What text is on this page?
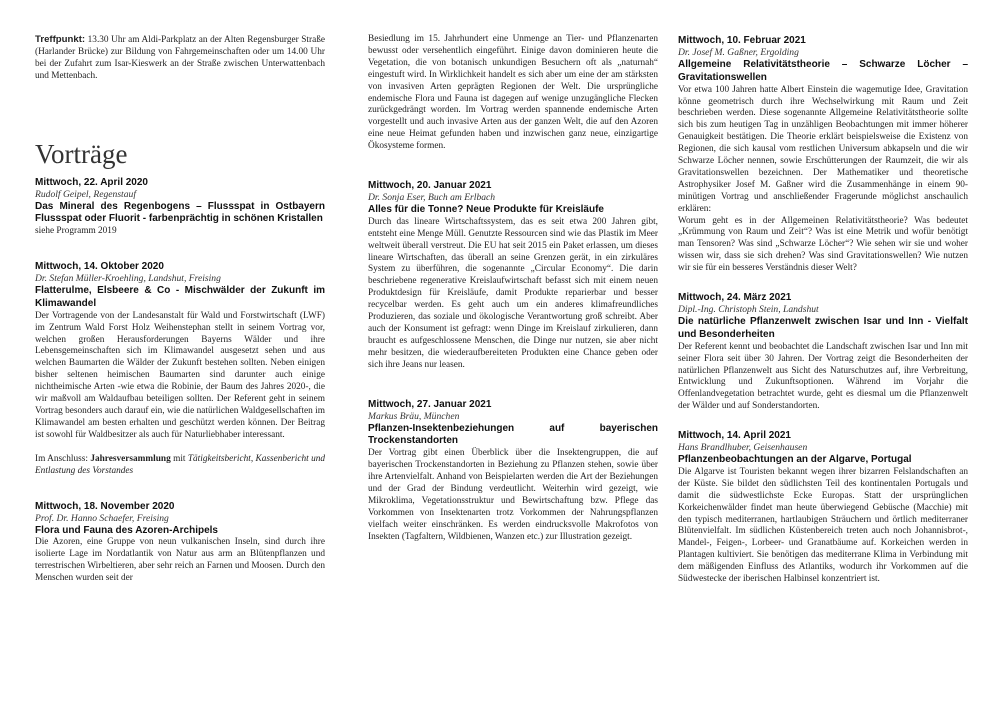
Treffpunkt: 13.30 Uhr am Aldi-Parkplatz an der Alten Regensburger Straße (Harlander Brücke) zur Bildung von Fahrgemeinschaften oder um 14.00 Uhr bei der Zufahrt zum Isar-Kieswerk an der Straße zwischen Unterwattenbach und Mettenbach.

Vorträge

Mittwoch, 22. April 2020

Rudolf Geipel, Regenstauf

Das Mineral des Regenbogens – Flussspat in Ostbayern Flussspat oder Fluorit - farbenprächtig in schönen Kristallen

siehe Programm 2019

Mittwoch, 14. Oktober 2020

Dr. Stefan Müller-Kroehling, Landshut, Freising

Flatterulme, Elsbeere & Co - Mischwälder der Zukunft im Klimawandel

Der Vortragende von der Landesanstalt für Wald und Forstwirtschaft (LWF) im Zentrum Wald Forst Holz Weihenstephan stellt in seinem Vortrag vor, welchen großen Herausforderungen Bayerns Wälder und ihre Lebensgemeinschaften sich im Klimawandel ausgesetzt sehen und aus welchen Baumarten die Wälder der Zukunft bestehen sollten. Neben einigen bisher seltenen heimischen Baumarten sind darunter auch einige nichtheimische Arten -wie etwa die Robinie, der Baum des Jahres 2020-, die wir maßvoll am Waldaufbau beteiligen sollten. Der Referent geht in seinem Vortrag besonders auch darauf ein, wie die natürlichen Waldgesellschaften im Klimawandel am besten erhalten und geschützt werden können. Der Beitrag ist sowohl für Waldbesitzer als auch für Naturliebhaber interessant.

Im Anschluss: Jahresversammlung mit Tätigkeitsbericht, Kassenbericht und Entlastung des Vorstandes

Mittwoch, 18. November 2020

Prof. Dr. Hanno Schaefer, Freising

Flora und Fauna des Azoren-Archipels

Die Azoren, eine Gruppe von neun vulkanischen Inseln, sind durch ihre isolierte Lage im Nordatlantik von Natur aus arm an Blütenpflanzen und terrestrischen Wirbeltieren, aber sehr reich an Farnen und Moosen. Durch den Menschen wurden seit der

Besiedlung im 15. Jahrhundert eine Unmenge an Tier- und Pflanzenarten bewusst oder versehentlich eingeführt. Einige davon dominieren heute die Vegetation, die von botanisch unkundigen Besuchern oft als „naturnah“ eingestuft wird. In Wirklichkeit handelt es sich aber um eine der am stärksten von invasiven Arten geprägten Regionen der Welt. Die ursprüngliche endemische Flora und Fauna ist dagegen auf wenige unzugängliche Flecken zurückgedrängt worden. Im Vortrag werden spannende endemische Arten vorgestellt und auch invasive Arten aus der ganzen Welt, die auf den Azoren eine neue Heimat gefunden haben und inzwischen ganz neue, einzigartige Ökosysteme formen.

Mittwoch, 20. Januar 2021

Dr. Sonja Eser, Buch am Erlbach

Alles für die Tonne? Neue Produkte für Kreisläufe

Durch das lineare Wirtschaftssystem, das es seit etwa 200 Jahren gibt, entsteht eine Menge Müll. Genutzte Ressourcen sind wie das Plastik im Meer weltweit überall verstreut. Die EU hat seit 2015 ein Paket erlassen, um dieses lineare Wirtschaften, das überall an seine Grenzen gerät, in ein zirkuläres System zu überführen, die sogenannte „Circular Economy“. Die darin beschriebene regenerative Kreislaufwirtschaft befasst sich mit einem neuen Produktdesign für Kreisläufe, damit Produkte reparierbar und besser recycelbar werden. Es geht auch um ein anderes klimafreundliches Produzieren, das soziale und ökologische Verantwortung groß schreibt. Aber auch der Konsument ist gefragt: wenn Dinge im Kreislauf zirkulieren, dann braucht es aufgeschlossene Menschen, die Dinge nur nutzen, sie aber nicht mehr besitzen, die wiederaufbereiteten Produkten eine Chance geben oder sich ihre Jeans nur leasen.

Mittwoch, 27. Januar 2021

Markus Bräu, München

Pflanzen-Insektenbeziehungen auf bayerischen Trockenstandorten

Der Vortrag gibt einen Überblick über die Insektengruppen, die auf bayerischen Trockenstandorten in Beziehung zu Pflanzen stehen, sowie über ihre Artenvielfalt. Anhand von Beispielarten werden die Art der Beziehungen und der Grad der Bindung verdeutlicht. Weiterhin wird gezeigt, wie Mikroklima, Vegetationsstruktur und Bewirtschaftung bzw. Pflege das Vorkommen von Insektenarten trotz Vorkommen der Nahrungspflanzen vielfach weiter einschränken. Es werden eindrucksvolle Makrofotos von Insekten (Tagfaltern, Wildbienen, Wanzen etc.) zur Illustration gezeigt.

Mittwoch, 10. Februar 2021

Dr. Josef M. Gaßner, Ergolding

Allgemeine Relativitätstheorie – Schwarze Löcher – Gravitationswellen

Vor etwa 100 Jahren hatte Albert Einstein die wagemutige Idee, Gravitation könne geometrisch durch ihre Wechselwirkung mit Raum und Zeit beschrieben werden. Diese sogenannte Allgemeine Relativitätstheorie sollte sich bis zum heutigen Tag in unzähligen Beobachtungen mit immer höherer Genauigkeit bestätigen. Die Theorie erklärt beispielsweise die Existenz von Regionen, die sich kausal vom restlichen Universum abkapseln und die wir Schwarze Löcher nennen, sowie Erschütterungen der Raumzeit, die wir als Gravitationswellen bezeichnen. Der Mathematiker und theoretische Astrophysiker Josef M. Gaßner wird die Zusammenhänge in einem 90-minütigen Vortrag und anschließender Fragerunde möglichst anschaulich erklären:

Worum geht es in der Allgemeinen Relativitätstheorie? Was bedeutet „Krümmung von Raum und Zeit“? Was ist eine Metrik und wofür benötigt man Tensoren? Was sind „Schwarze Löcher“? Wie sehen wir sie und woher wissen wir, dass sie sich drehen? Was sind Gravitationswellen? Wie nutzen wir sie für ein besseres Verständnis dieser Welt?

Mittwoch, 24. März 2021

Dipl.-Ing. Christoph Stein, Landshut

Die natürliche Pflanzenwelt zwischen Isar und Inn - Vielfalt und Besonderheiten

Der Referent kennt und beobachtet die Landschaft zwischen Isar und Inn mit seiner Flora seit über 30 Jahren. Der Vortrag zeigt die Besonderheiten der natürlichen Pflanzenwelt aus Sicht des Naturschutzes auf, ihre Verbreitung, Entwicklung und Zukunftsoptionen. Während im Vorjahr die Offenlandvegetation betrachtet wurde, geht es diesmal um die Pflanzenwelt der Wälder und auf Sonderstandorten.

Mittwoch, 14. April 2021

Hans Brandlhuber, Geisenhausen

Pflanzenbeobachtungen an der Algarve, Portugal

Die Algarve ist Touristen bekannt wegen ihrer bizarren Felslandschaften an der Küste. Sie bildet den südlichsten Teil des kontinentalen Portugals und damit die südwestlichste Ecke Europas. Statt der ursprünglichen Korkeichenwälder findet man heute überwiegend Gebüsche (Macchie) mit den typisch mediterranen, hartlaubigen Sträuchern und örtlich mediterraner Blütenvielfalt. Im südlichen Küstenbereich treten auch noch Johannisbrot-, Mandel-, Feigen-, Lorbeer- und Granatbäume auf. Korkeichen werden in Plantagen kultiviert. Sie benötigen das mediterrane Klima in Verbindung mit dem mäßigenden Einfluss des Atlantiks, wodurch ihr Vorkommen auf die Südwestecke der iberischen Halbinsel konzentriert ist.
